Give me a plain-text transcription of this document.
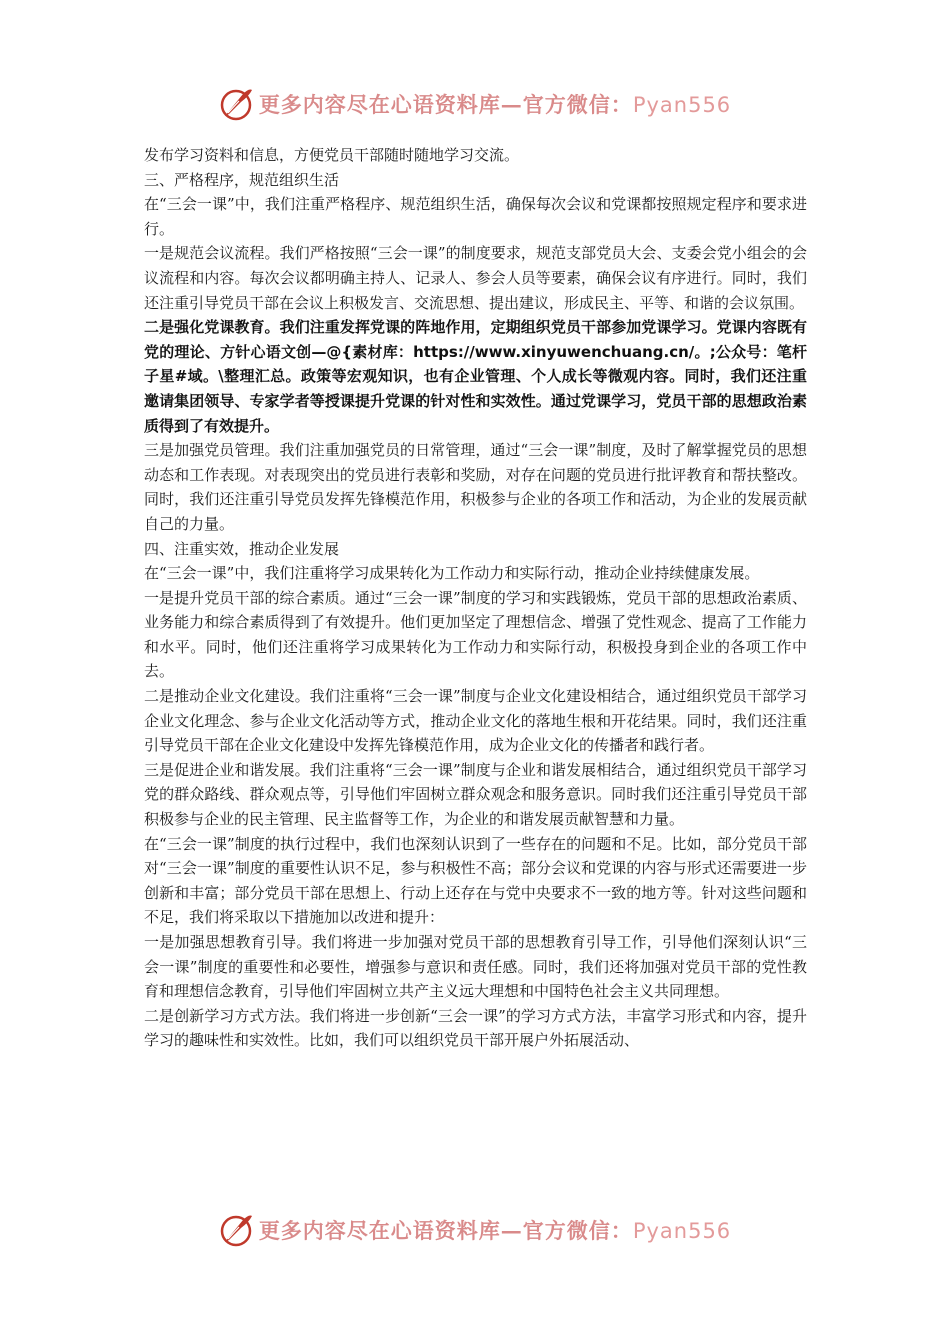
更多内容尽在心语资料库—官方微信：Pyan556

发布学习资料和信息，方便党员干部随时随地学习交流。

三、严格程序，规范组织生活

在“三会一课”中，我们注重严格程序、规范组织生活，确保每次会议和党课都按照规定程序和要求进行。

一是规范会议流程。我们严格按照“三会一课”的制度要求，规范支部党员大会、支委会党小组会的会议流程和内容。每次会议都明确主持人、记录人、参会人员等要素，确保会议有序进行。同时，我们还注重引导党员干部在会议上积极发言、交流思想、提出建议，形成民主、平等、和谐的会议氛围。

二是强化党课教育。我们注重发挥党课的阵地作用，定期组织党员干部参加党课学习。党课内容既有党的理论、方针心语文创—@{素材库：https://www.xinyuwenchuang.cn/。;公众号：笔杆子星#域。\整理汇总。政策等宏观知识，也有企业管理、个人成长等微观内容。同时，我们还注重邀请集团领导、专家学者等授课提升党课的针对性和实效性。通过党课学习，党员干部的思想政治素质得到了有效提升。

三是加强党员管理。我们注重加强党员的日常管理，通过“三会一课”制度，及时了解掌握党员的思想动态和工作表现。对表现突出的党员进行表彰和奖励，对存在问题的党员进行批评教育和帮扶整改。同时，我们还注重引导党员发挥先锋模范作用，积极参与企业的各项工作和活动，为企业的发展贡献自己的力量。

四、注重实效，推动企业发展

在“三会一课”中，我们注重将学习成果转化为工作动力和实际行动，推动企业持续健康发展。

一是提升党员干部的综合素质。通过“三会一课”制度的学习和实践锻炼，党员干部的思想政治素质、业务能力和综合素质得到了有效提升。他们更加坚定了理想信念、增强了党性观念、提高了工作能力和水平。同时，他们还注重将学习成果转化为工作动力和实际行动，积极投身到企业的各项工作中去。

二是推动企业文化建设。我们注重将“三会一课”制度与企业文化建设相结合，通过组织党员干部学习企业文化理念、参与企业文化活动等方式，推动企业文化的落地生根和开花结果。同时，我们还注重引导党员干部在企业文化建设中发挥先锋模范作用，成为企业文化的传播者和践行者。

三是促进企业和谐发展。我们注重将“三会一课”制度与企业和谐发展相结合，通过组织党员干部学习党的群众路线、群众观点等，引导他们牢固树立群众观念和服务意识。同时我们还注重引导党员干部积极参与企业的民主管理、民主监督等工作，为企业的和谐发展贡献智慧和力量。

在“三会一课”制度的执行过程中，我们也深刻认识到了一些存在的问题和不足。比如，部分党员干部对“三会一课”制度的重要性认识不足，参与积极性不高；部分会议和党课的内容与形式还需要进一步创新和丰富；部分党员干部在思想上、行动上还存在与党中央要求不一致的地方等。针对这些问题和不足，我们将采取以下措施加以改进和提升：

一是加强思想教育引导。我们将进一步加强对党员干部的思想教育引导工作，引导他们深刻认识“三会一课”制度的重要性和必要性，增强参与意识和责任感。同时，我们还将加强对党员干部的党性教育和理想信念教育，引导他们牢固树立共产主义远大理想和中国特色社会主义共同理想。

二是创新学习方式方法。我们将进一步创新“三会一课”的学习方式方法，丰富学习形式和内容，提升学习的趣味性和实效性。比如，我们可以组织党员干部开展户外拓展活动、

更多内容尽在心语资料库—官方微信：Pyan556
